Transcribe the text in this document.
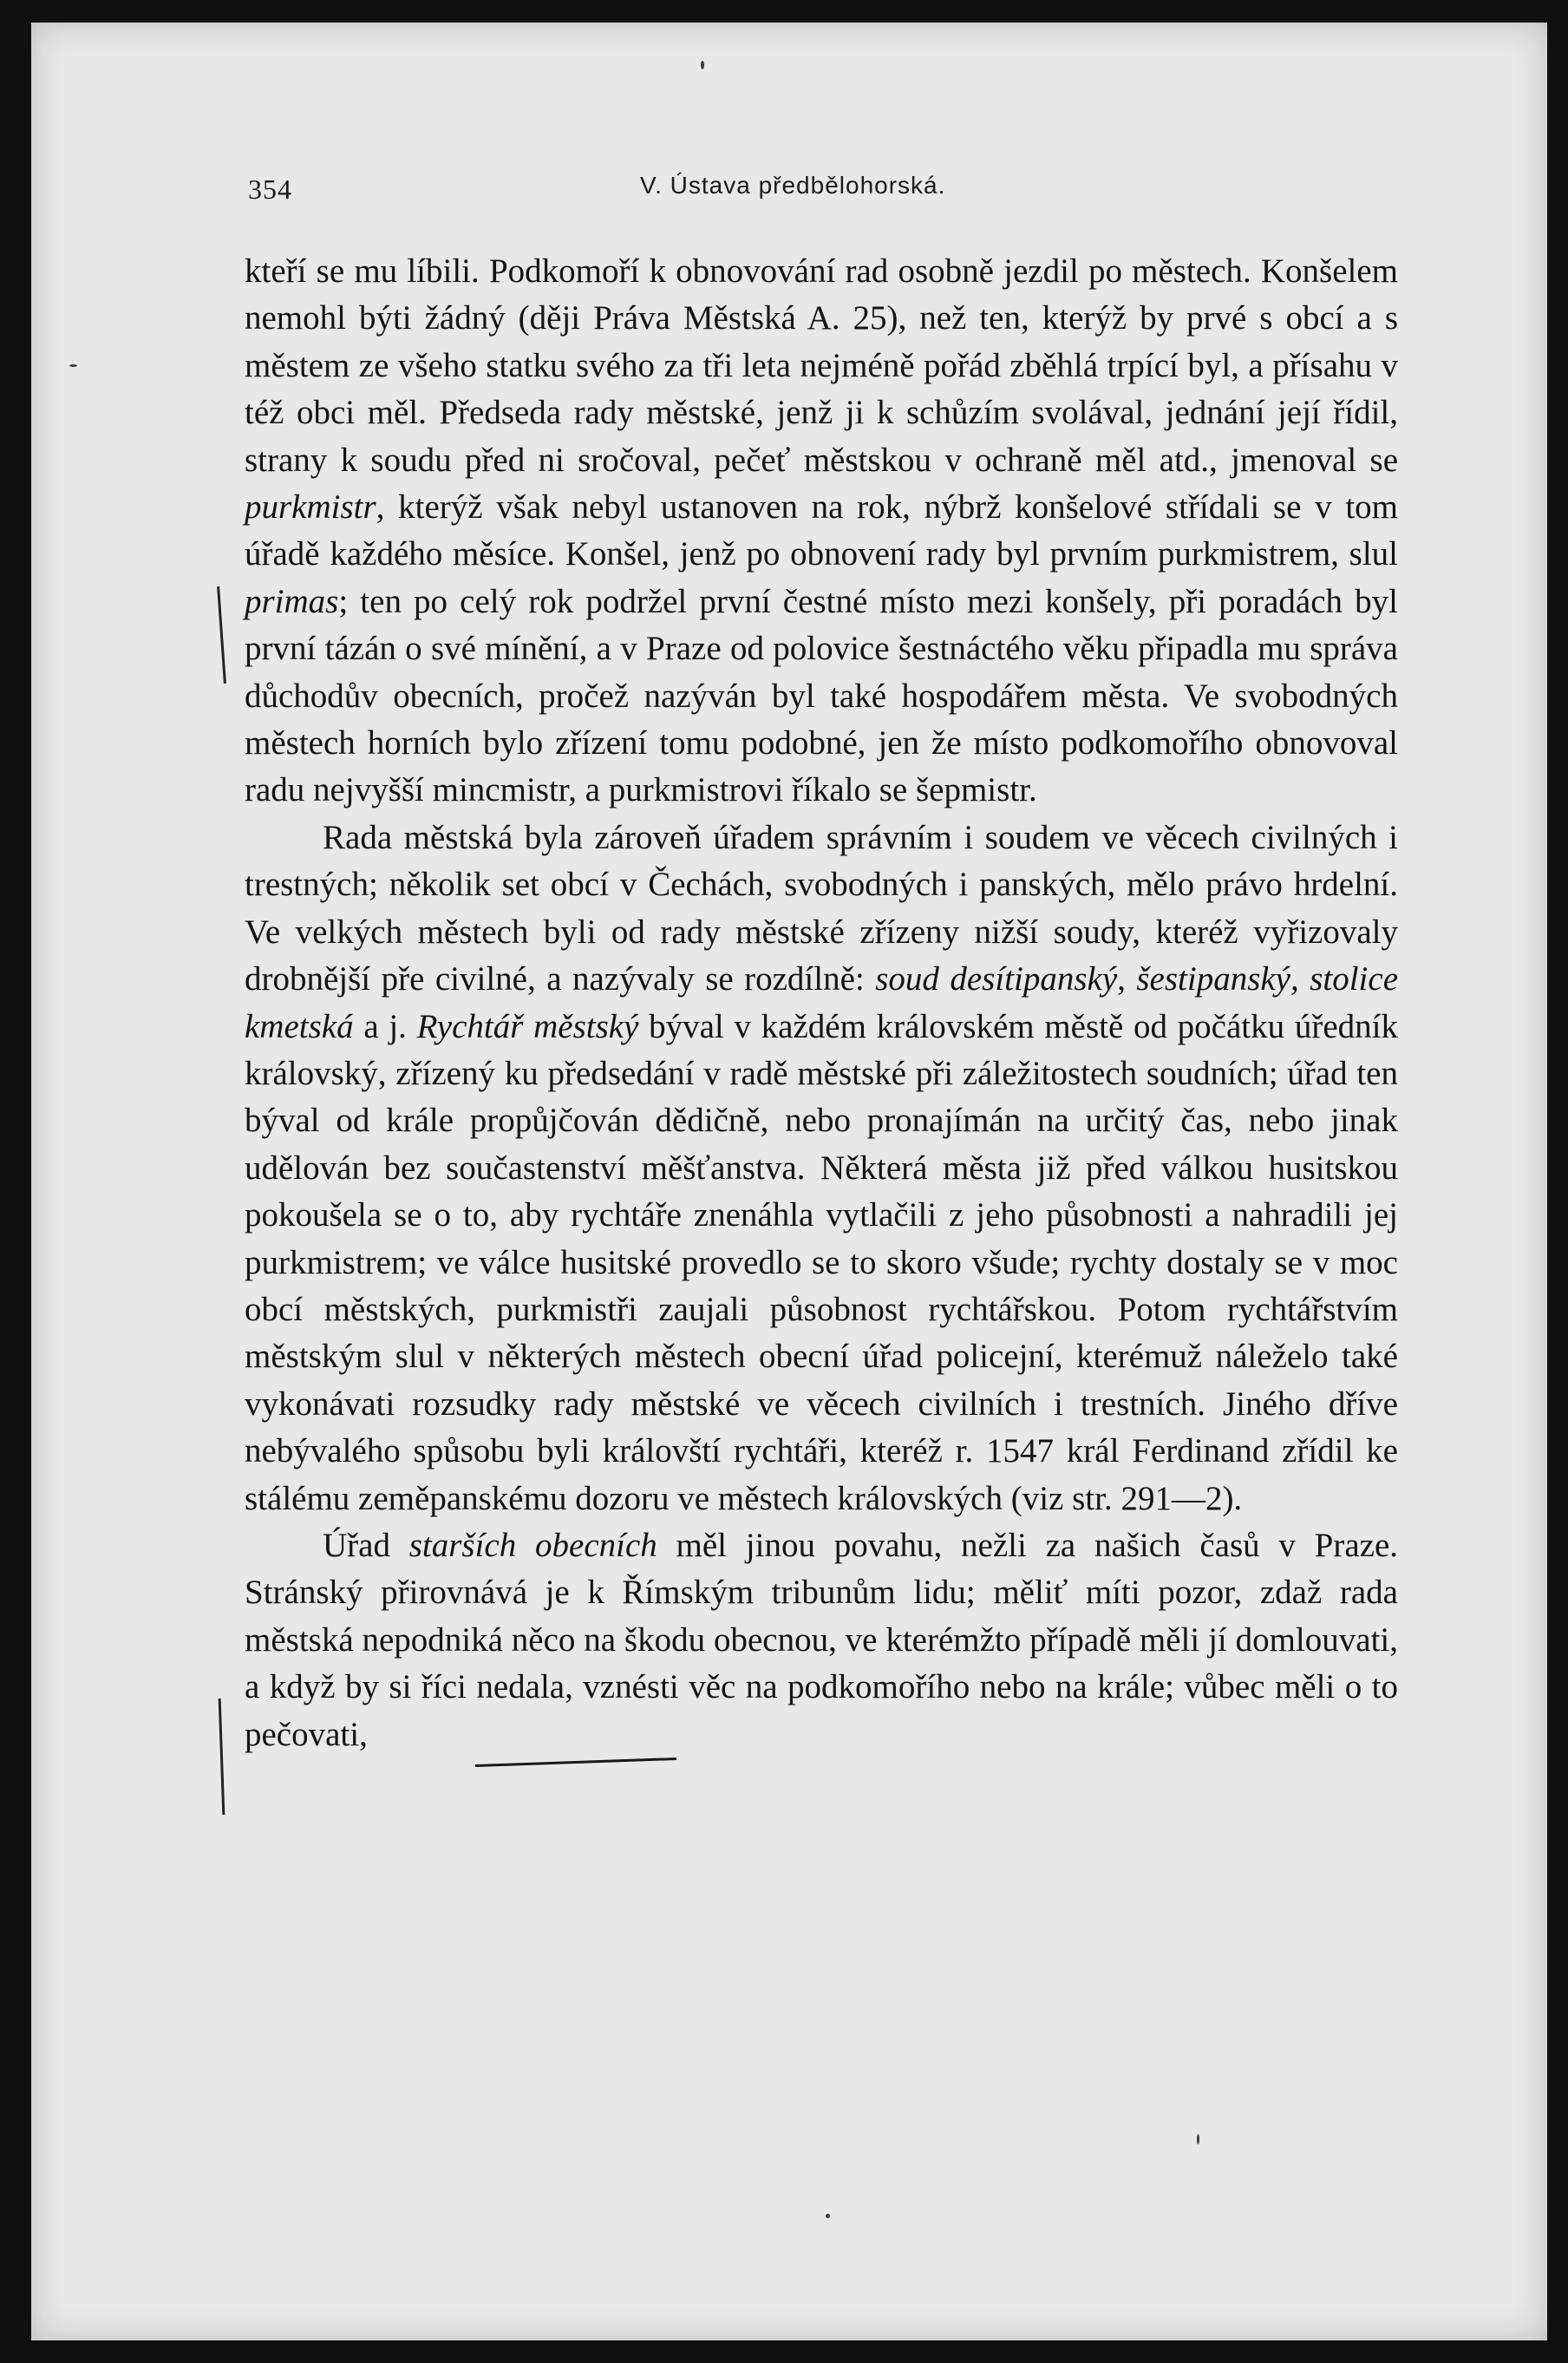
354	V. Ústava předbělohorská.

kteří se mu líbili. Podkomoří k obnovování rad osobně jezdil po městech. Konšelem nemohl býti žádný (ději Práva Městská A. 25), než ten, kterýž by prvé s obcí a s městem ze všeho statku svého za tři leta nejméně pořád zběhlá trpící byl, a přísahu v též obci měl. Předseda rady městské, jenž ji k schůzím svolával, jednání její řídil, strany k soudu před ni sročoval, pečeť městskou v ochraně měl atd., jmenoval se purkmistr, kterýž však nebyl ustanoven na rok, nýbrž konšelové střídali se v tom úřadě každého měsíce. Konšel, jenž po obnovení rady byl prvním purkmistrem, slul primas; ten po celý rok podržel první čestné místo mezi konšely, při poradách byl první tázán o své mínění, a v Praze od polovice šestnáctého věku připadla mu správa důchodův obecních, pročež nazýván byl také hospodářem města. Ve svobodných městech horních bylo zřízení tomu podobné, jen že místo podkomořího obnovoval radu nejvyšší mincmistr, a purkmistrovi říkalo se šepmistr.

Rada městská byla zároveň úřadem správním i soudem ve věcech civilných i trestných; několik set obcí v Čechách, svobodných i panských, mělo právo hrdelní. Ve velkých městech byli od rady městské zřízeny nižší soudy, kteréž vyřizovaly drobnější pře civilné, a nazývaly se rozdílně: soud desítipanský, šestipanský, stolice kmetská a j. Rychtář městský býval v každém královském městě od počátku úředník královský, zřízený ku předsedání v radě městské při záležitostech soudních; úřad ten býval od krále propůjčován dědičně, nebo pronajímán na určitý čas, nebo jinak udělován bez součastenství měšťanstva. Některá města již před válkou husitskou pokoušela se o to, aby rychtáře znenáhla vytlačili z jeho působnosti a nahradili jej purkmistrem; ve válce husitské provedlo se to skoro všude; rychty dostaly se v moc obcí městských, purkmistři zaujali působnost rychtářskou. Potom rychtářstvím městským slul v některých městech obecní úřad policejní, kterémuž náleželo také vykonávati rozsudky rady městské ve věcech civilních i trestních. Jiného dříve nebývalého spůsobu byli královští rychtáři, kteréž r. 1547 král Ferdinand zřídil ke stálému zeměpanskému dozoru ve městech královských (viz str. 291—2).

Úřad starších obecních měl jinou povahu, nežli za našich časů v Praze. Stránský přirovnává je k Římským tribunům lidu; měliť míti pozor, zdaž rada městská nepodniká něco na škodu obecnou, ve kterémžto případě měli jí domlouvati, a když by si říci nedala, vznésti věc na podkomořího nebo na krále; vůbec měli o to pečovati,
